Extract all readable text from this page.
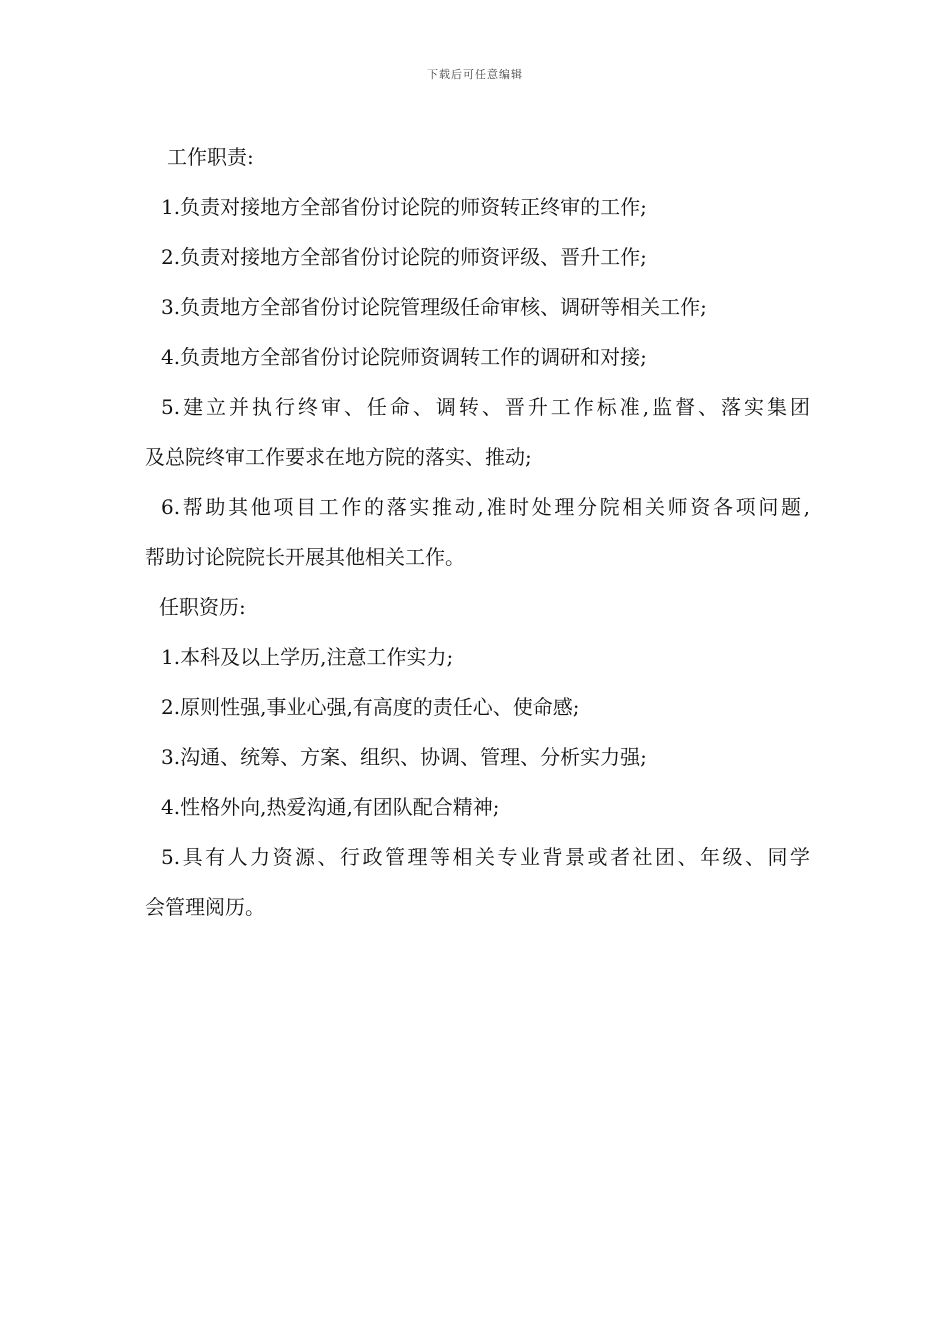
下载后可任意编辑
工作职责:
1.负责对接地方全部省份讨论院的师资转正终审的工作;
2.负责对接地方全部省份讨论院的师资评级、晋升工作;
3.负责地方全部省份讨论院管理级任命审核、调研等相关工作;
4.负责地方全部省份讨论院师资调转工作的调研和对接;
5.建立并执行终审、任命、调转、晋升工作标准,监督、落实集团
及总院终审工作要求在地方院的落实、推动;
6.帮助其他项目工作的落实推动,准时处理分院相关师资各项问题,
帮助讨论院院长开展其他相关工作。
任职资历:
1.本科及以上学历,注意工作实力;
2.原则性强,事业心强,有高度的责任心、使命感;
3.沟通、统筹、方案、组织、协调、管理、分析实力强;
4.性格外向,热爱沟通,有团队配合精神;
5.具有人力资源、行政管理等相关专业背景或者社团、年级、同学
会管理阅历。
